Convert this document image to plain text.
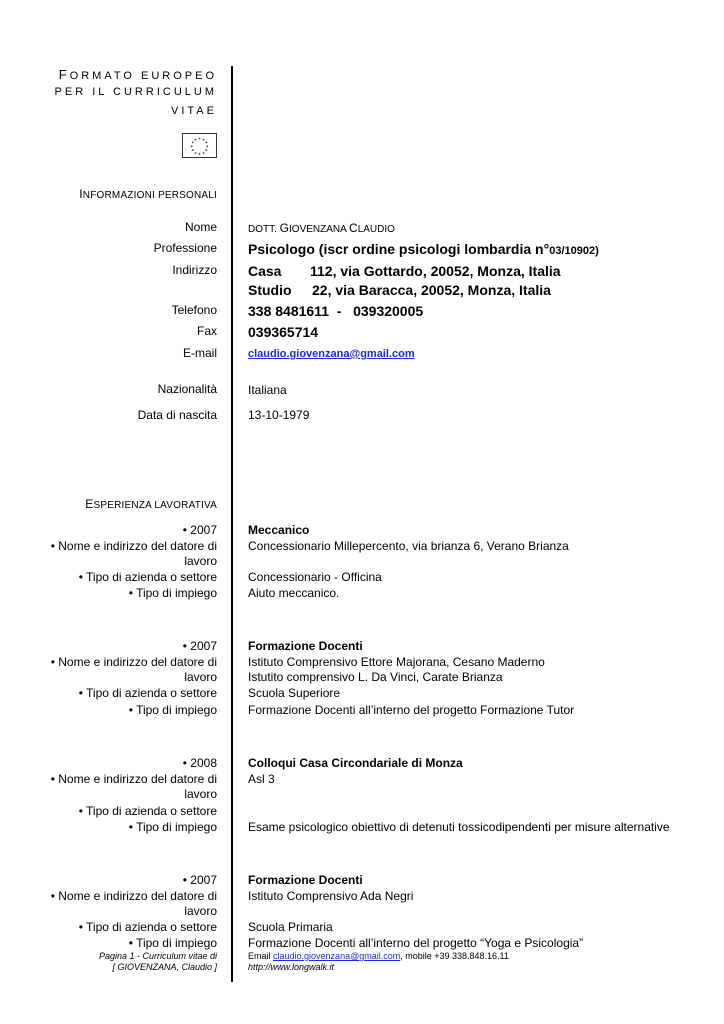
FORMATO EUROPEO
PER IL CURRICULUM
VITAE
INFORMAZIONI PERSONALI
Nome	DOTT. GIOVENZANA CLAUDIO
Professione Psicologo (iscr ordine psicologi lombardia n°03/10902)
Indirizzo Casa 112, via Gottardo, 20052, Monza, Italia
Studio 22, via Baracca, 20052, Monza, Italia
Telefono 338 8481611  -   039320005
Fax 039365714
E-mail	claudio.giovenzana@gmail.com
Nazionalità	Italiana
Data di nascita	13-10-1979
ESPERIENZA LAVORATIVA
• 2007	Meccanico
• Nome e indirizzo del datore di
lavoro
Concessionario Millepercento, via brianza 6, Verano Brianza
• Tipo di azienda o settore	Concessionario - Officina
• Tipo di impiego	Aiuto meccanico.
• 2007	Formazione Docenti
• Nome e indirizzo del datore di
lavoro
Istituto Comprensivo Ettore Majorana, Cesano Maderno
Istutito comprensivo L. Da Vinci, Carate Brianza
• Tipo di azienda o settore	Scuola Superiore
• Tipo di impiego	Formazione Docenti all’interno del progetto Formazione Tutor
• 2008	Colloqui Casa Circondariale di Monza
• Nome e indirizzo del datore di
lavoro
Asl 3
• Tipo di azienda o settore
• Tipo di impiego	Esame psicologico obiettivo di detenuti tossicodipendenti per misure alternative
• 2007	Formazione Docenti
• Nome e indirizzo del datore di
lavoro
Istituto Comprensivo Ada Negri
• Tipo di azienda o settore	Scuola Primaria
• Tipo di impiego	Formazione Docenti all’interno del progetto “Yoga e Psicologia”
Pagina 1 - Curriculum vitae di
[ GIOVENZANA, Claudio ]
Email claudio.giovenzana@gmail.com, mobile +39 338.848.16.11
http://www.longwalk.it
